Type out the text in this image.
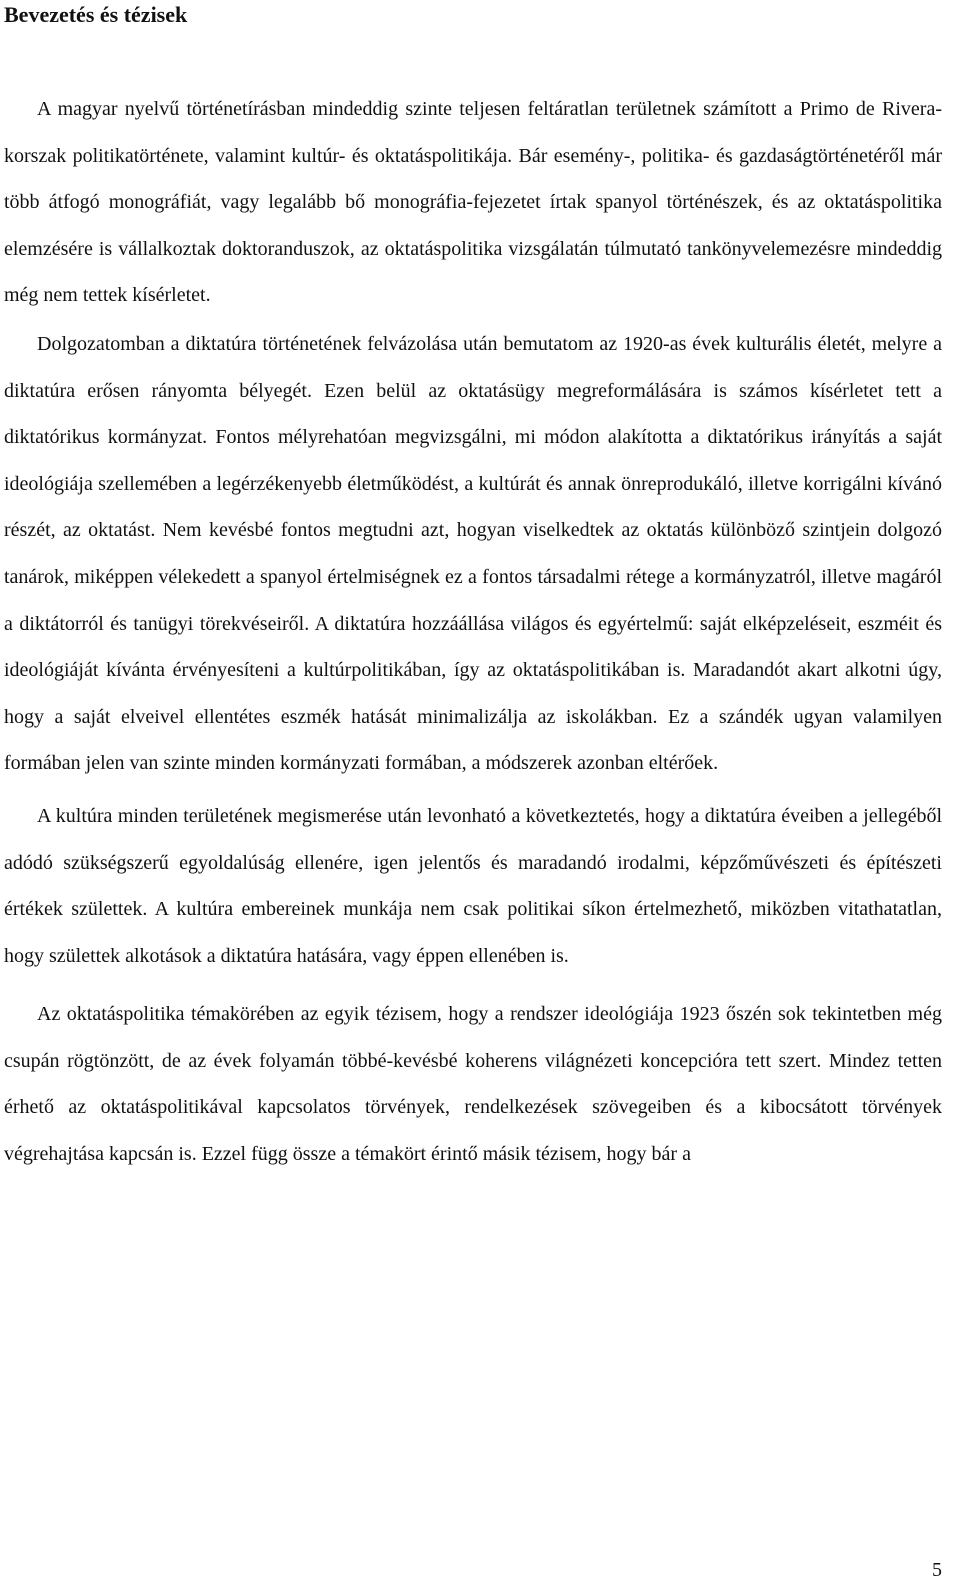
Bevezetés és tézisek

A magyar nyelvű történetírásban mindeddig szinte teljesen feltáratlan területnek számított a Primo de Rivera-korszak politikatörténete, valamint kultúr- és oktatáspolitikája. Bár esemény-, politika- és gazdaságtörténetéről már több átfogó monográfiát, vagy legalább bő monográfia-fejezetet írtak spanyol történészek, és az oktatáspolitika elemzésére is vállalkoztak doktoranduszok, az oktatáspolitika vizsgálatán túlmutató tankönyvelemezésre mindeddig még nem tettek kísérletet.

Dolgozatomban a diktatúra történetének felvázolása után bemutatom az 1920-as évek kulturális életét, melyre a diktatúra erősen rányomta bélyegét. Ezen belül az oktatásügy megreformálására is számos kísérletet tett a diktatórikus kormányzat. Fontos mélyrehatóan megvizsgálni, mi módon alakította a diktatórikus irányítás a saját ideológiája szellemében a legérzékenyebb életműködést, a kultúrát és annak önreprodukáló, illetve korrigálni kívánó részét, az oktatást. Nem kevésbé fontos megtudni azt, hogyan viselkedtek az oktatás különböző szintjein dolgozó tanárok, miképpen vélekedett a spanyol értelmiségnek ez a fontos társadalmi rétege a kormányzatról, illetve magáról a diktátorról és tanügyi törekvéseiről. A diktatúra hozzáállása világos és egyértelmű: saját elképzeléseit, eszméit és ideológiáját kívánta érvényesíteni a kultúrpolitikában, így az oktatáspolitikában is. Maradandót akart alkotni úgy, hogy a saját elveivel ellentétes eszmék hatását minimalizálja az iskolákban. Ez a szándék ugyan valamilyen formában jelen van szinte minden kormányzati formában, a módszerek azonban eltérőek.

A kultúra minden területének megismerése után levonható a következtetés, hogy a diktatúra éveiben a jellegéből adódó szükségszerű egyoldalúság ellenére, igen jelentős és maradandó irodalmi, képzőművészeti és építészeti értékek születtek. A kultúra embereinek munkája nem csak politikai síkon értelmezhető, miközben vitathatatlan, hogy születtek alkotások a diktatúra hatására, vagy éppen ellenében is.

Az oktatáspolitika témakörében az egyik tézisem, hogy a rendszer ideológiája 1923 őszén sok tekintetben még csupán rögtönzött, de az évek folyamán többé-kevésbé koherens világnézeti koncepcióra tett szert. Mindez tetten érhető az oktatáspolitikával kapcsolatos törvények, rendelkezések szövegeiben és a kibocsátott törvények végrehajtása kapcsán is. Ezzel függ össze a témakört érintő másik tézisem, hogy bár a

5
